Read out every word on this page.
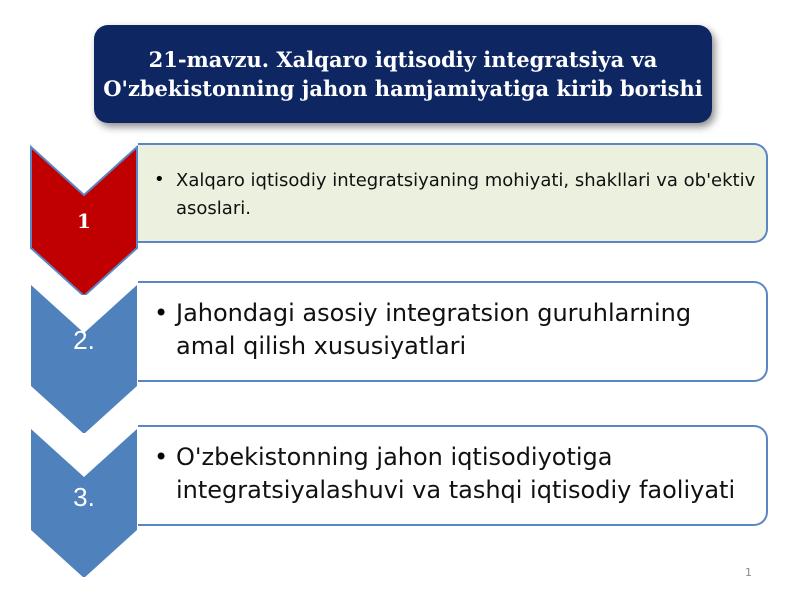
21-mavzu. Xalqaro iqtisodiy integratsiya va
O'zbekistonning jahon hamjamiyatiga kirib borishi
• Xalqaro iqtisodiy integratsiyaning mohiyati, shakllari va ob'ektiv asoslari.
1
• Jahondagi asosiy integratsion guruhlarning amal qilish xususiyatlari
2.
• O'zbekistonning jahon iqtisodiyotiga integratsiyalashuvi va tashqi iqtisodiy faoliyati
3.
1
